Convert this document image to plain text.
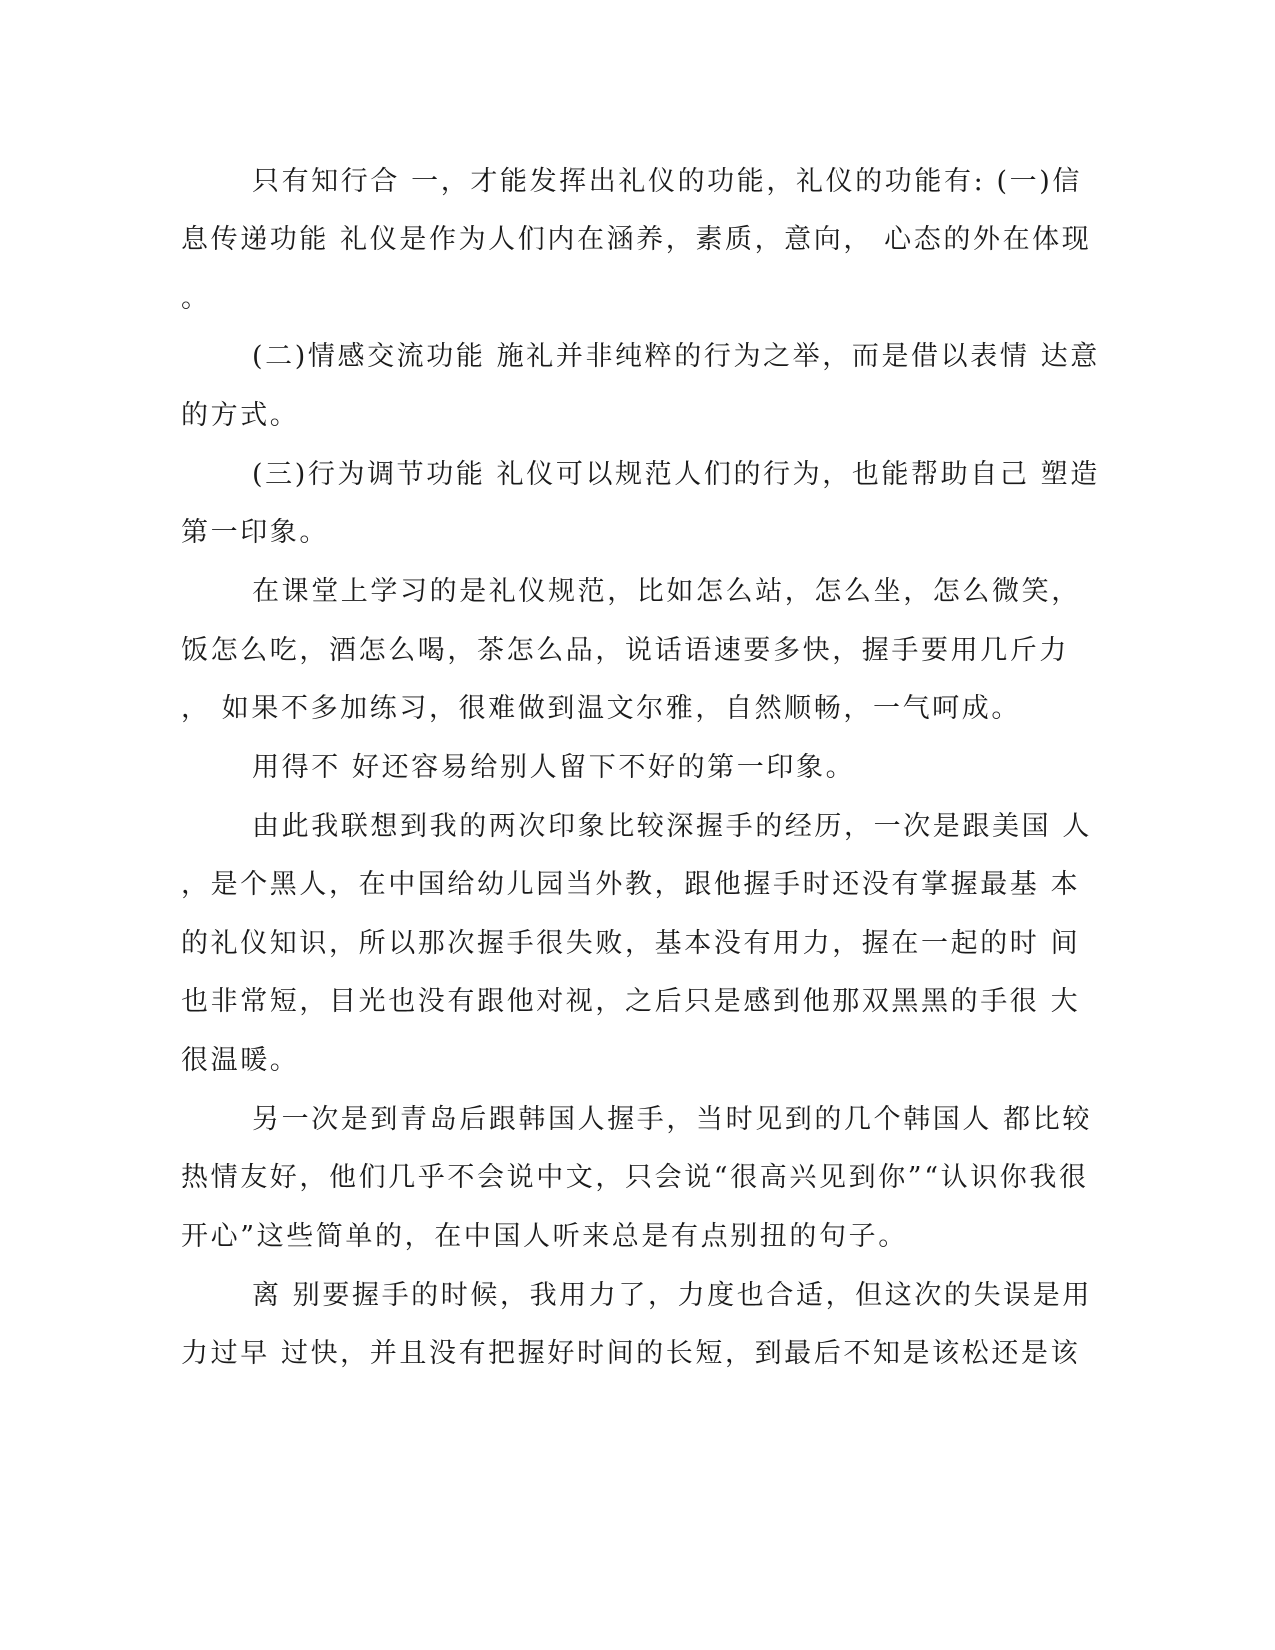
只有知行合 一，才能发挥出礼仪的功能，礼仪的功能有: (一)信
息传递功能 礼仪是作为人们内在涵养，素质，意向， 心态的外在体现
。
(二)情感交流功能 施礼并非纯粹的行为之举，而是借以表情 达意
的方式。
(三)行为调节功能 礼仪可以规范人们的行为，也能帮助自己 塑造
第一印象。
在课堂上学习的是礼仪规范，比如怎么站，怎么坐，怎么微笑，
饭怎么吃，酒怎么喝，茶怎么品，说话语速要多快，握手要用几斤力
， 如果不多加练习，很难做到温文尔雅，自然顺畅，一气呵成。
用得不 好还容易给别人留下不好的第一印象。
由此我联想到我的两次印象比较深握手的经历，一次是跟美国 人
，是个黑人，在中国给幼儿园当外教，跟他握手时还没有掌握最基 本
的礼仪知识，所以那次握手很失败，基本没有用力，握在一起的时 间
也非常短，目光也没有跟他对视，之后只是感到他那双黑黑的手很 大
很温暖。
另一次是到青岛后跟韩国人握手，当时见到的几个韩国人 都比较
热情友好，他们几乎不会说中文，只会说“很高兴见到你”“认识你我很
开心”这些简单的，在中国人听来总是有点别扭的句子。
离 别要握手的时候，我用力了，力度也合适，但这次的失误是用
力过早 过快，并且没有把握好时间的长短，到最后不知是该松还是该
